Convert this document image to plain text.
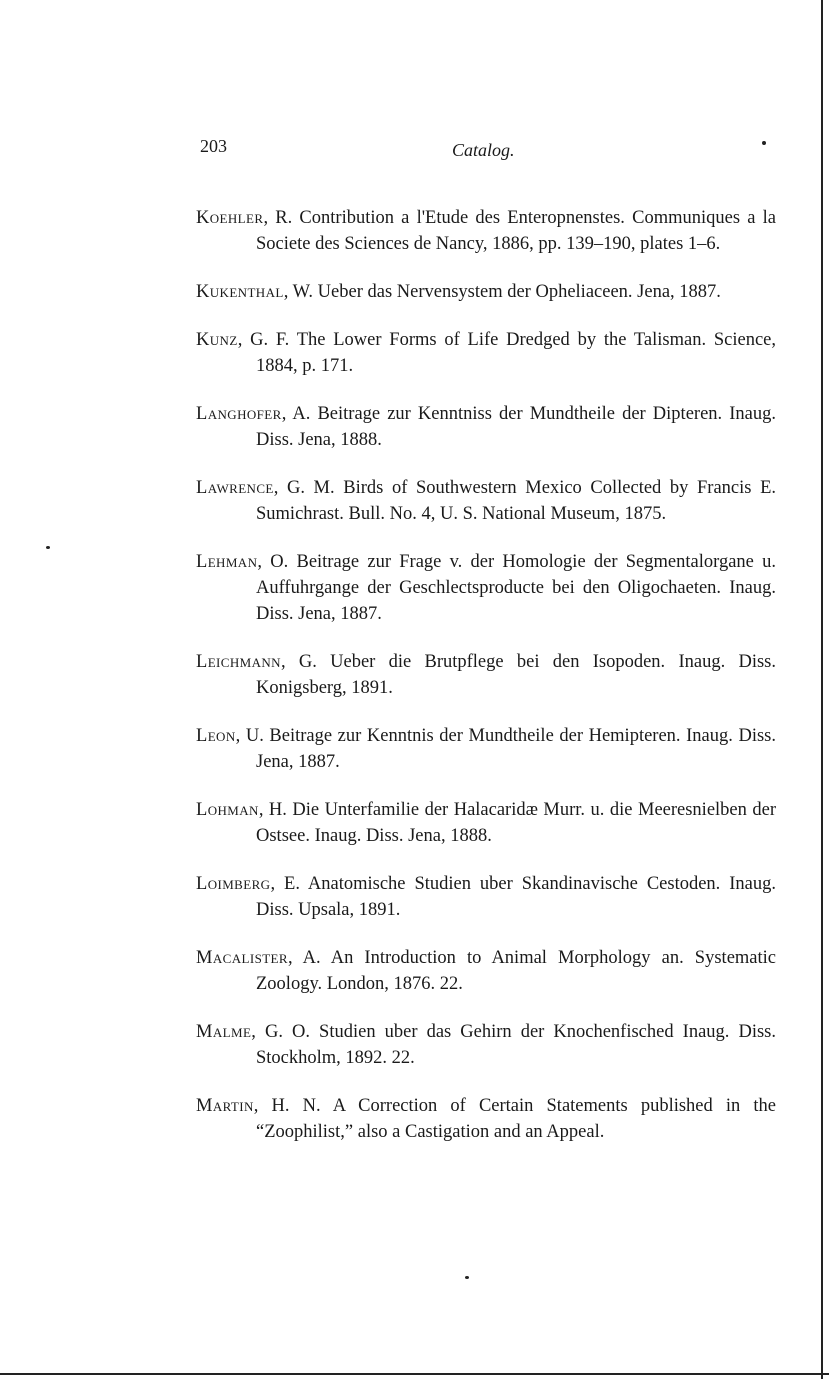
203	Catalog.

Koehler, R. Contribution a l'Etude des Enteropnenstes. Communiques a la Societe des Sciences de Nancy, 1886, pp. 139–190, plates 1–6.

Kukenthal, W. Ueber das Nervensystem der Opheliaceen. Jena, 1887.

Kunz, G. F. The Lower Forms of Life Dredged by the Talisman. Science, 1884, p. 171.

Langhofer, A. Beitrage zur Kenntniss der Mundtheile der Dipteren. Inaug. Diss. Jena, 1888.

Lawrence, G. M. Birds of Southwestern Mexico Collected by Francis E. Sumichrast. Bull. No. 4, U. S. National Museum, 1875.

Lehman, O. Beitrage zur Frage v. der Homologie der Segmentalorgane u. Auffuhrgange der Geschlectsproducte bei den Oligochaeten. Inaug. Diss. Jena, 1887.

Leichmann, G. Ueber die Brutpflege bei den Isopoden. Inaug. Diss. Konigsberg, 1891.

Leon, U. Beitrage zur Kenntnis der Mundtheile der Hemipteren. Inaug. Diss. Jena, 1887.

Lohman, H. Die Unterfamilie der Halacaridæ Murr. u. die Meeresnielben der Ostsee. Inaug. Diss. Jena, 1888.

Loimberg, E. Anatomische Studien uber Skandinavische Cestoden. Inaug. Diss. Upsala, 1891.

Macalister, A. An Introduction to Animal Morphology an. Systematic Zoology. London, 1876. 22.

Malme, G. O. Studien uber das Gehirn der Knochenfisched Inaug. Diss. Stockholm, 1892. 22.

Martin, H. N. A Correction of Certain Statements published in the “Zoophilist,” also a Castigation and an Appeal.
